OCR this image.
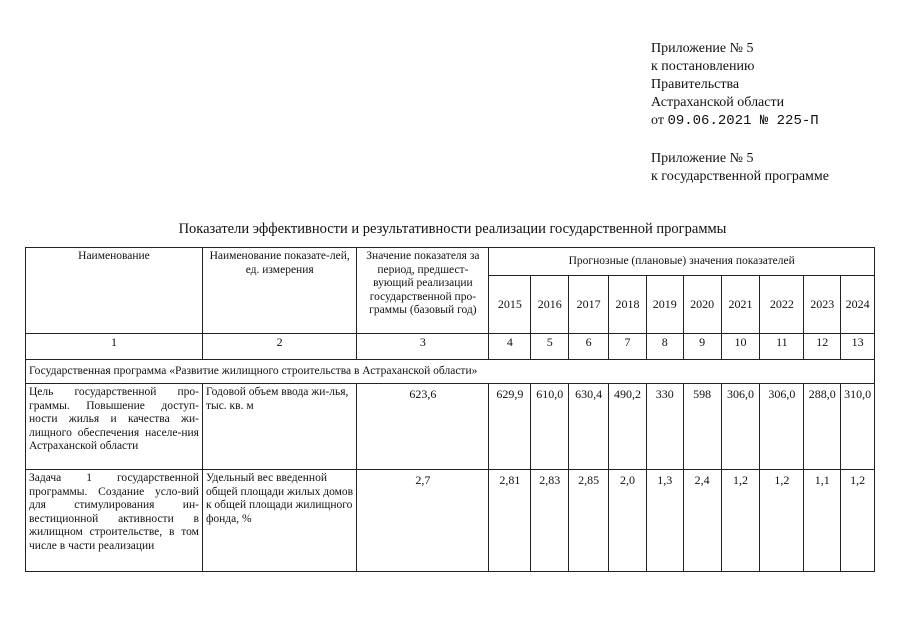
Приложение № 5
к постановлению
Правительства
Астраханской области
от 09.06.2021 № 225-П
Приложение № 5
к государственной программе
Показатели эффективности и результативности реализации государственной программы
Наименование	Наименование показате-лей, ед. измерения	Значение показателя за период, предшест-вующий реализации государственной про-граммы (базовый год)	Прогнозные (плановые) значения показателей									
			2015	2016	2017	2018	2019	2020	2021	2022	2023	2024
1	2	3	4	5	6	7	8	9	10	11	12	13
Государственная программа «Развитие жилищного строительства в Астраханской области»												
Цель государственной про-граммы. Повышение доступ-ности жилья и качества жи-лищного обеспечения населе-ния Астраханской области	Годовой объем ввода жи-лья, тыс. кв. м	623,6	629,9	610,0	630,4	490,2	330	598	306,0	306,0	288,0	310,0
Задача 1 государственной программы. Создание усло-вий для стимулирования ин-вестиционной активности в жилищном строительстве, в том числе в части реализации	Удельный вес введенной общей площади жилых домов к общей площади жилищного фонда, %	2,7	2,81	2,83	2,85	2,0	1,3	2,4	1,2	1,2	1,1	1,2
